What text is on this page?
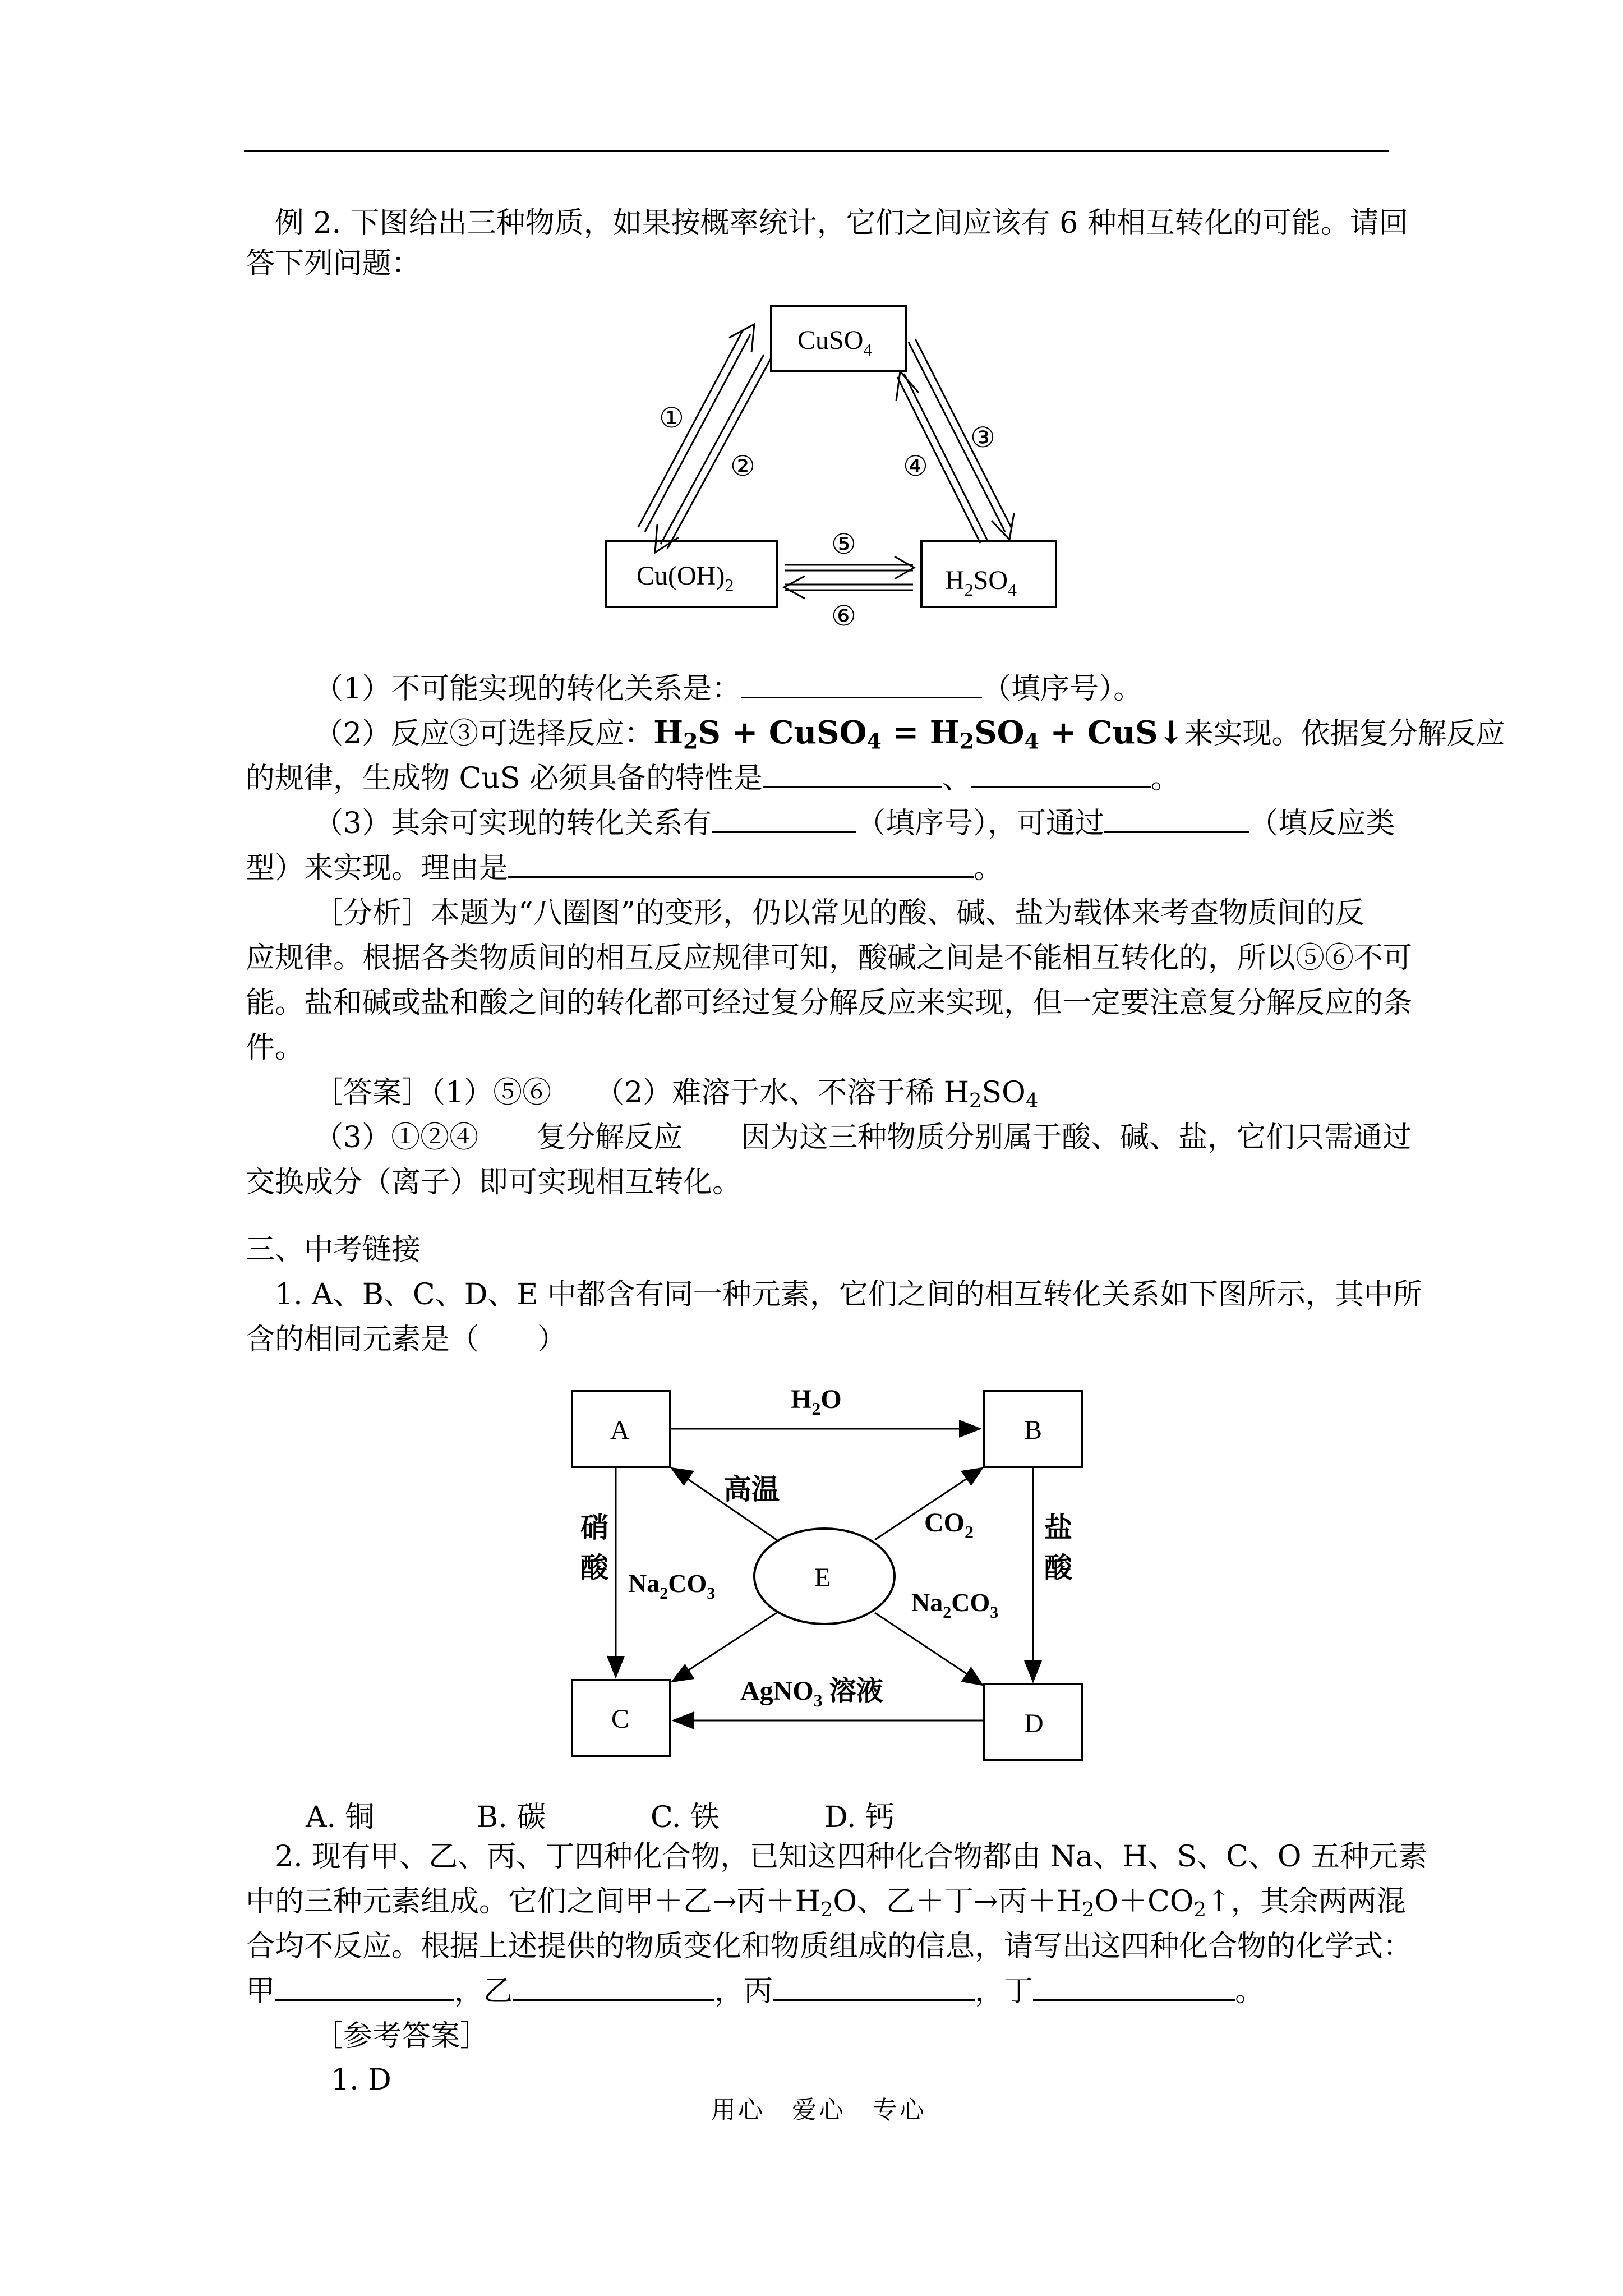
例 2. 下图给出三种物质，如果按概率统计，它们之间应该有 6 种相互转化的可能。请回
答下列问题：
CuSO$_4$
$Cu(OH)_2$	$H_2SO_4$
①
②
③
④
⑤
⑥
（1）不可能实现的转化关系是：	（填序号）。
（2）反应③可选择反应：$H_2S$ + CuSO$_4$ = $H_2SO_4$ + CuS↓来实现。依据复分解反应
的规律，生成物 CuS 必须具备的特性是	、	。
（3）其余可实现的转化关系有	（填序号），可通过	（填反应类
型）来实现。理由是	。
［分析］本题为“八圈图”的变形，仍以常见的酸、碱、盐为载体来考查物质间的反
应规律。根据各类物质间的相互反应规律可知，酸碱之间是不能相互转化的，所以⑤⑥不可
能。盐和碱或盐和酸之间的转化都可经过复分解反应来实现，但一定要注意复分解反应的条
件。
［答案］（1）⑤⑥　　（2）难溶于水、不溶于稀 $H_2SO_4$
（3）①②④　　复分解反应　　因为这三种物质分别属于酸、碱、盐，它们只需通过
交换成分（离子）即可实现相互转化。
三、中考链接
1. A、B、C、D、E 中都含有同一种元素，它们之间的相互转化关系如下图所示，其中所
含的相同元素是（　　）
A	B
C	D
E
$H_2O$
硝
酸
盐
酸
AgNO$_3$ 溶液
高温
$CO_2$
$Na_2CO_3$	$Na_2CO_3$
A. 铜	B. 碳	C. 铁	D. 钙
2. 现有甲、乙、丙、丁四种化合物，已知这四种化合物都由 Na、H、S、C、O 五种元素
中的三种元素组成。它们之间甲＋乙→丙$+H_2O$、乙＋丁→丙$+H_2O+CO_2↑$，其余两两混
合均不反应。根据上述提供的物质变化和物质组成的信息，请写出这四种化合物的化学式：
甲	，乙	，丙	，丁	。
［参考答案］
1. D
用心　爱心　专心
